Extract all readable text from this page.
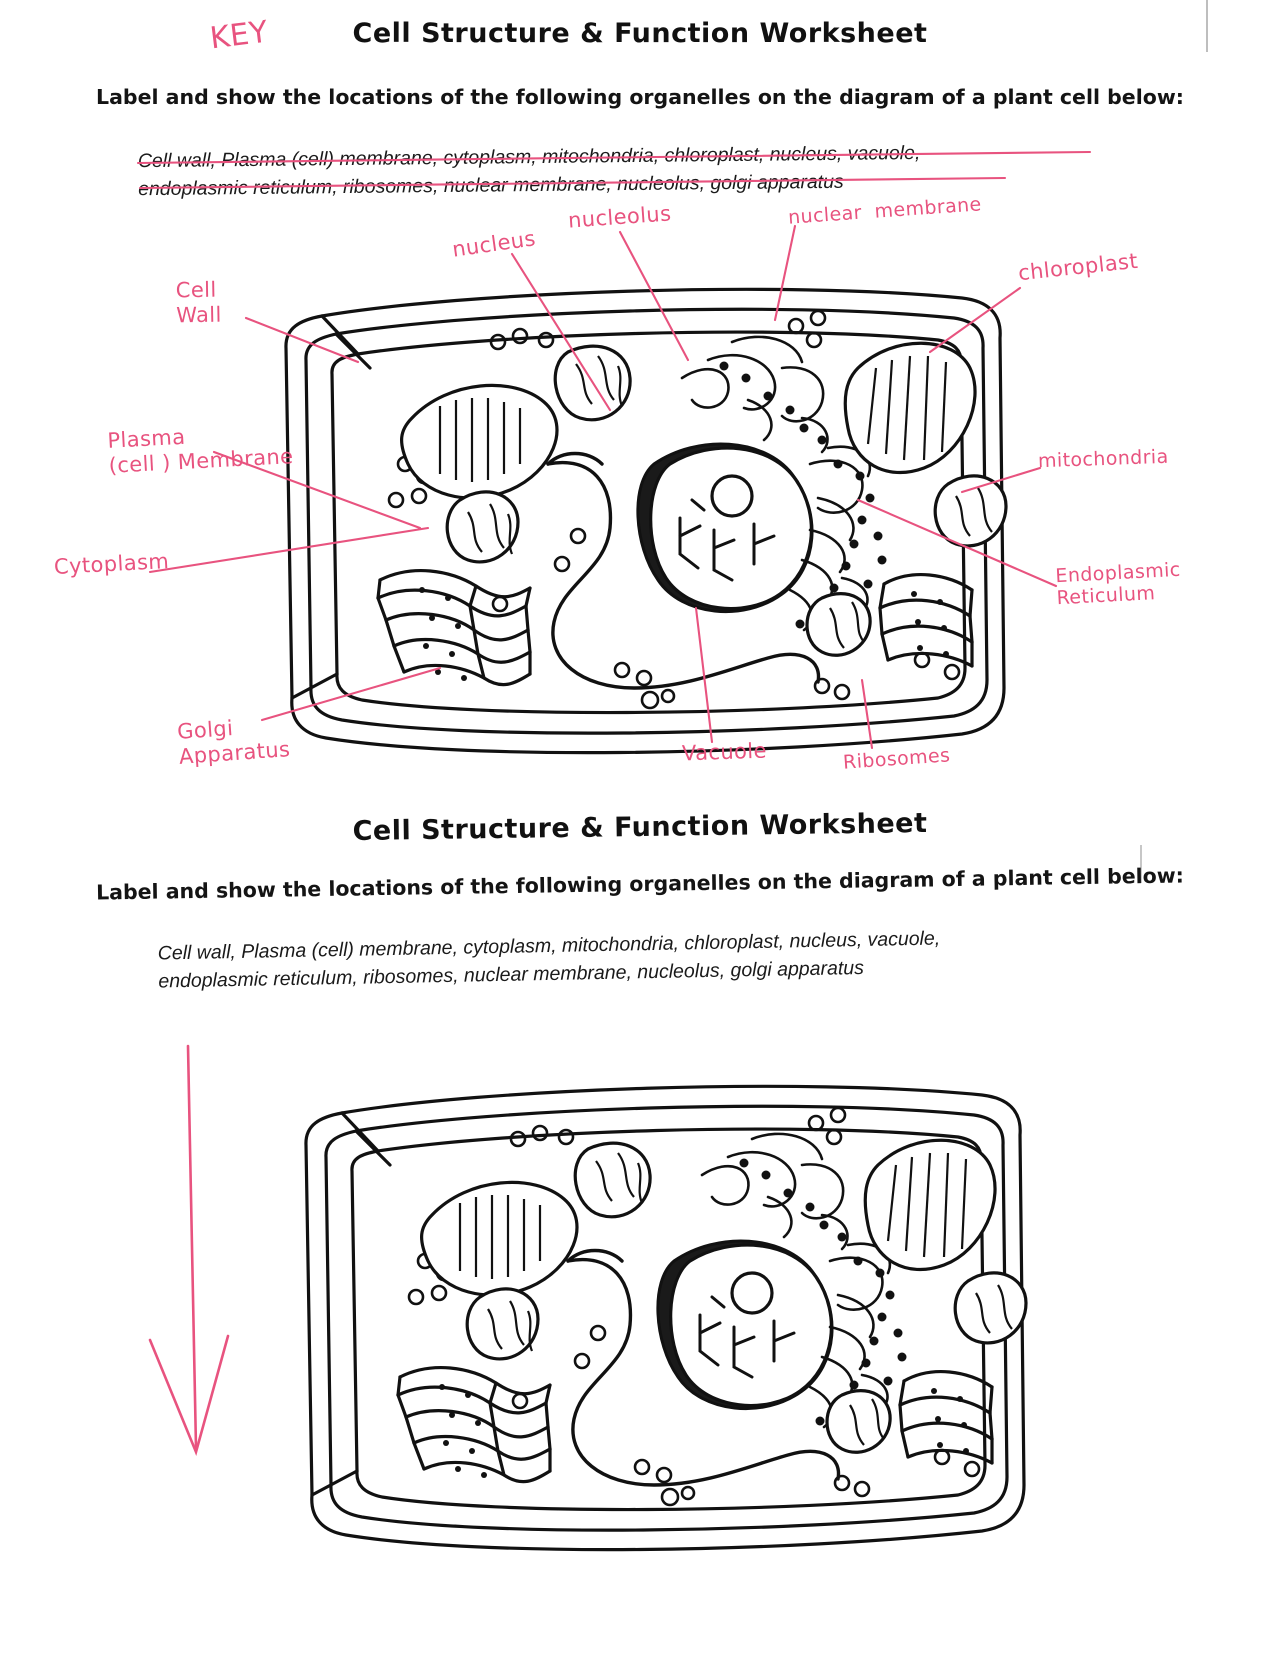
Cell Structure & Function Worksheet
Label and show the locations of the following organelles on the diagram of a plant cell below:
Cell wall, Plasma (cell) membrane, cytoplasm, mitochondria, chloroplast, nucleus, vacuole,
endoplasmic reticulum, ribosomes, nuclear membrane, nucleolus, golgi apparatus
Cell Structure & Function Worksheet
Label and show the locations of the following organelles on the diagram of a plant cell below:
Cell wall, Plasma (cell) membrane, cytoplasm, mitochondria, chloroplast, nucleus, vacuole,
endoplasmic reticulum, ribosomes, nuclear membrane, nucleolus, golgi apparatus
KEY
nucleus
nucleolus	nuclear  membrane
chloroplast
Cell
Wall
Plasma
(cell ) Membrane
Cytoplasm
Golgi
Apparatus	Vacuole	Ribosomes
mitochondria
Endoplasmic
Reticulum
